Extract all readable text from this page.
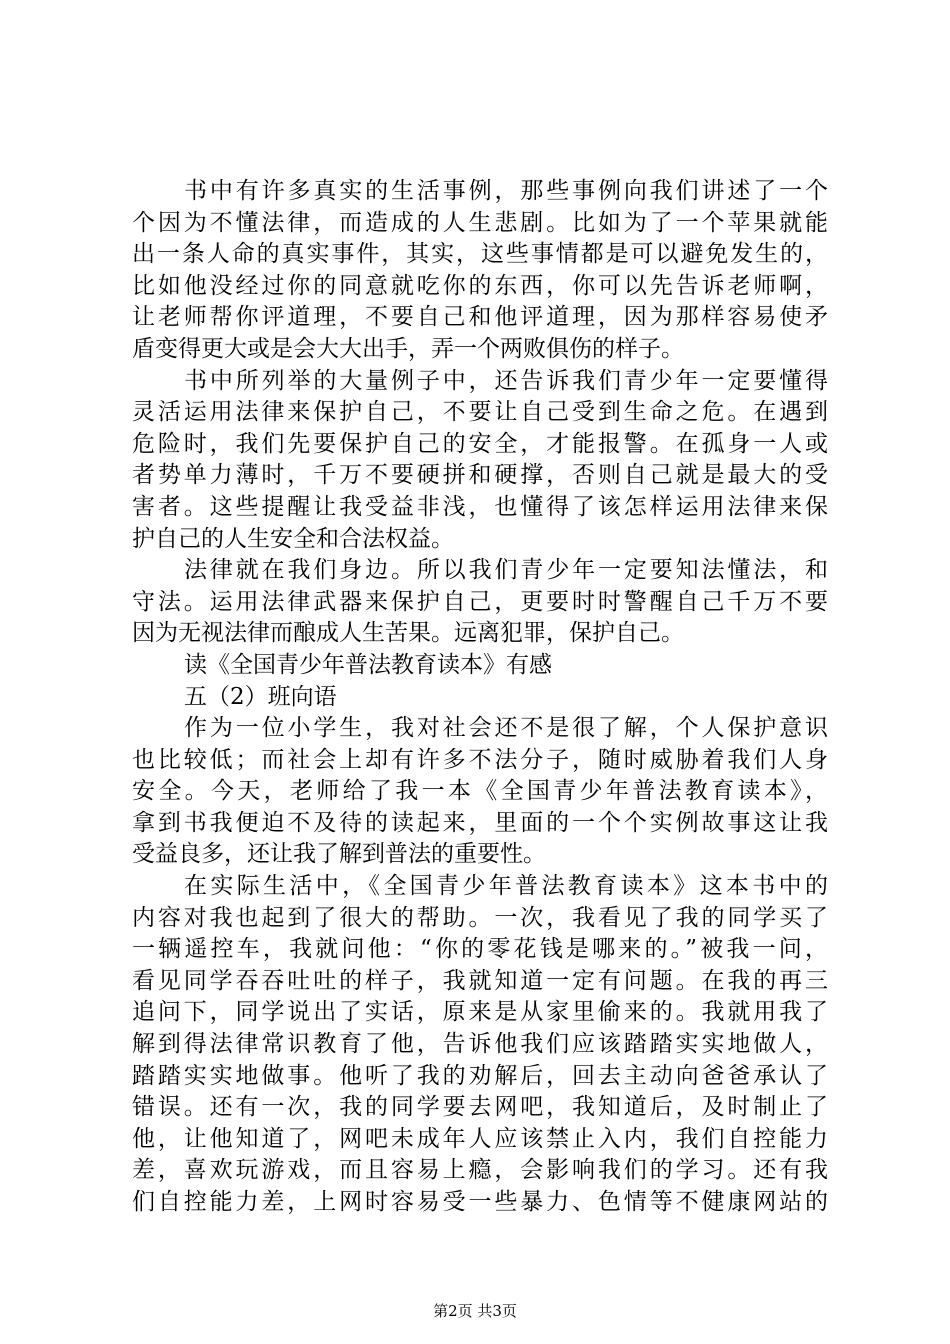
书中有许多真实的生活事例，那些事例向我们讲述了一个
个因为不懂法律，而造成的人生悲剧。比如为了一个苹果就能
出一条人命的真实事件，其实，这些事情都是可以避免发生的，
比如他没经过你的同意就吃你的东西，你可以先告诉老师啊，
让老师帮你评道理，不要自己和他评道理，因为那样容易使矛
盾变得更大或是会大大出手，弄一个两败俱伤的样子。
书中所列举的大量例子中，还告诉我们青少年一定要懂得
灵活运用法律来保护自己，不要让自己受到生命之危。在遇到
危险时，我们先要保护自己的安全，才能报警。在孤身一人或
者势单力薄时，千万不要硬拼和硬撑，否则自己就是最大的受
害者。这些提醒让我受益非浅，也懂得了该怎样运用法律来保
护自己的人生安全和合法权益。
法律就在我们身边。所以我们青少年一定要知法懂法，和
守法。运用法律武器来保护自己，更要时时警醒自己千万不要
因为无视法律而酿成人生苦果。远离犯罪，保护自己。
读《全国青少年普法教育读本》有感
五（2）班向语
作为一位小学生，我对社会还不是很了解，个人保护意识
也比较低；而社会上却有许多不法分子，随时威胁着我们人身
安全。今天，老师给了我一本《全国青少年普法教育读本》，
拿到书我便迫不及待的读起来，里面的一个个实例故事这让我
受益良多，还让我了解到普法的重要性。
在实际生活中，《全国青少年普法教育读本》这本书中的
内容对我也起到了很大的帮助。一次，我看见了我的同学买了
一辆遥控车，我就问他：“你的零花钱是哪来的。”被我一问，
看见同学吞吞吐吐的样子，我就知道一定有问题。在我的再三
追问下，同学说出了实话，原来是从家里偷来的。我就用我了
解到得法律常识教育了他，告诉他我们应该踏踏实实地做人，
踏踏实实地做事。他听了我的劝解后，回去主动向爸爸承认了
错误。还有一次，我的同学要去网吧，我知道后，及时制止了
他，让他知道了，网吧未成年人应该禁止入内，我们自控能力
差，喜欢玩游戏，而且容易上瘾，会影响我们的学习。还有我
们自控能力差，上网时容易受一些暴力、色情等不健康网站的
第2页 共3页
